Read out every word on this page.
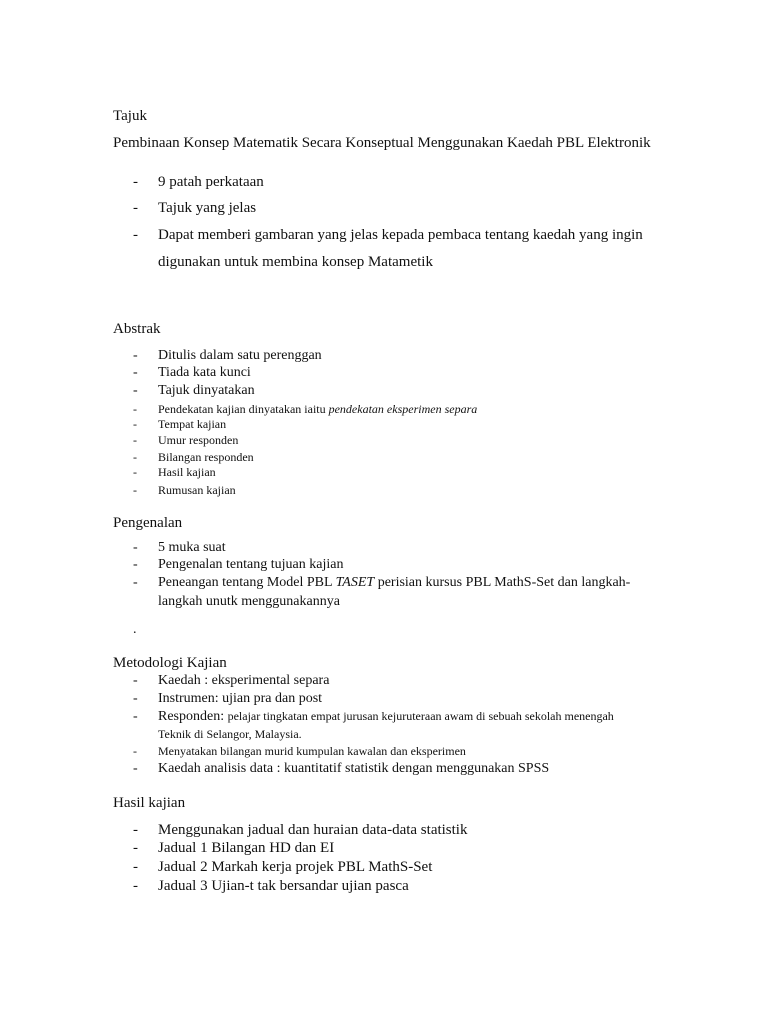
Tajuk
Pembinaan Konsep Matematik Secara Konseptual Menggunakan Kaedah PBL Elektronik
- 9 patah perkataan
- Tajuk yang jelas
- Dapat memberi gambaran yang jelas kepada pembaca tentang kaedah yang ingin
digunakan untuk membina konsep Matametik
Abstrak
- Ditulis dalam satu perenggan
- Tiada kata kunci
- Tajuk dinyatakan
- Pendekatan kajian dinyatakan iaitu pendekatan eksperimen separa
- Tempat kajian
- Umur responden
- Bilangan responden
- Hasil kajian
- Rumusan kajian
Pengenalan
- 5 muka suat
- Pengenalan tentang tujuan kajian
- Peneangan tentang Model PBL TASET perisian kursus PBL MathS-Set dan langkah-
langkah unutk menggunakannya
.
Metodologi Kajian
- Kaedah : eksperimental separa
- Instrumen: ujian pra dan post
- Responden: pelajar tingkatan empat jurusan kejuruteraan awam di sebuah sekolah menengah
Teknik di Selangor, Malaysia.
- Menyatakan bilangan murid kumpulan kawalan dan eksperimen
- Kaedah analisis data : kuantitatif statistik dengan menggunakan SPSS
Hasil kajian
- Menggunakan jadual dan huraian data-data statistik
- Jadual 1 Bilangan HD dan EI
- Jadual 2 Markah kerja projek PBL MathS-Set
- Jadual 3 Ujian-t tak bersandar ujian pasca
